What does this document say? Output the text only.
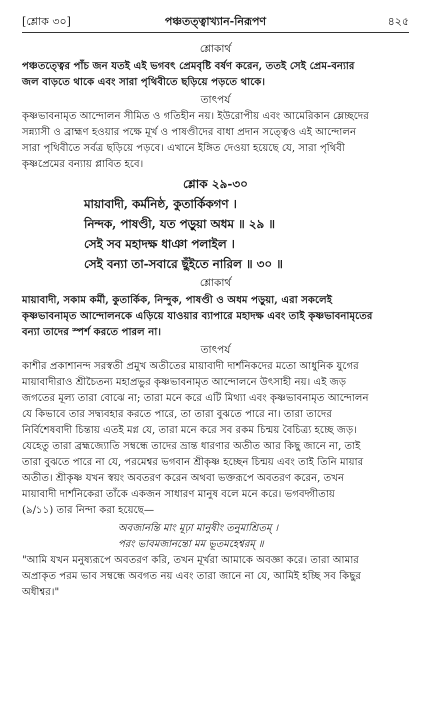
[শ্লোক ৩০]	পঞ্চতত্ত্বাখ্যান-নিরূপণ	৪২৫
শ্লোকার্থ
পঞ্চতত্ত্বের পাঁচ জন যতই এই ভগবৎ প্রেমবৃষ্টি বর্ষণ করেন, ততই সেই প্রেম-বন্যার
জল বাড়তে থাকে এবং সারা পৃথিবীতে ছড়িয়ে পড়তে থাকে।
তাৎপর্য
কৃষ্ণভাবনামৃত আন্দোলন সীমিত ও গতিহীন নয়। ইউরোপীয় এবং আমেরিকান ম্লেচ্ছদের
সন্ন্যাসী ও ব্রাহ্মণ হওয়ার পক্ষে মূর্খ ও পাষণ্ডীদের বাধা প্রদান সত্ত্বেও এই আন্দোলন
সারা পৃথিবীতে সর্বত্র ছড়িয়ে পড়বে। এখানে ইঙ্গিত দেওয়া হয়েছে যে, সারা পৃথিবী
কৃষ্ণপ্রেমের বন্যায় প্লাবিত হবে।
শ্লোক ২৯-৩০
মায়াবাদী, কর্মনিষ্ঠ, কুতার্কিকগণ ।
নিন্দক, পাষণ্ডী, যত পড়ুয়া অধম ॥ ২৯ ॥
সেই সব মহাদক্ষ ধাঞা পলাইল ।
সেই বন্যা তা-সবারে ছুঁইতে নারিল ॥ ৩০ ॥
শ্লোকার্থ
মায়াবাদী, সকাম কর্মী, কুতার্কিক, নিন্দুক, পাষণ্ডী ও অধম পড়ুয়া, এরা সকলেই
কৃষ্ণভাবনামৃত আন্দোলনকে এড়িয়ে যাওয়ার ব্যাপারে মহাদক্ষ এবং তাই কৃষ্ণভাবনামৃতের
বন্যা তাদের স্পর্শ করতে পারল না।
তাৎপর্য
কাশীর প্রকাশানন্দ সরস্বতী প্রমুখ অতীতের মায়াবাদী দার্শনিকদের মতো আধুনিক যুগের
মায়াবাদীরাও শ্রীচৈতন্য মহাপ্রভুর কৃষ্ণভাবনামৃত আন্দোলনে উৎসাহী নয়। এই জড়
জগতের মূল্য তারা বোঝে না; তারা মনে করে এটি মিথ্যা এবং কৃষ্ণভাবনামৃত আন্দোলন
যে কিভাবে তার সদ্ব্যবহার করতে পারে, তা তারা বুঝতে পারে না। তারা তাদের
নির্বিশেষবাদী চিন্তায় এতই মগ্ন যে, তারা মনে করে সব রকম চিন্ময় বৈচিত্র্য হচ্ছে জড়।
যেহেতু তারা ব্রহ্মজ্যোতি সম্বন্ধে তাদের ভ্রান্ত ধারণার অতীত আর কিছু জানে না, তাই
তারা বুঝতে পারে না যে, পরমেশ্বর ভগবান শ্রীকৃষ্ণ হচ্ছেন চিন্ময় এবং তাই তিনি মায়ার
অতীত। শ্রীকৃষ্ণ যখন স্বয়ং অবতরণ করেন অথবা ভক্তরূপে অবতরণ করেন, তখন
মায়াবাদী দার্শনিকেরা তাঁকে একজন সাধারণ মানুষ বলে মনে করে। ভগবদ্গীতায়
(৯/১১) তার নিন্দা করা হয়েছে—
অবজানন্তি মাং মূঢ়া মানুষীং তনুমাশ্রিতম্ ।
পরং ভাবমজানন্তো মম ভূতমহেশ্বরম্ ॥
"আমি যখন মনুষ্যরূপে অবতরণ করি, তখন মূর্খরা আমাকে অবজ্ঞা করে। তারা আমার
অপ্রাকৃত পরম ভাব সম্বন্ধে অবগত নয় এবং তারা জানে না যে, আমিই হচ্ছি সব কিছুর
অধীশ্বর।"
